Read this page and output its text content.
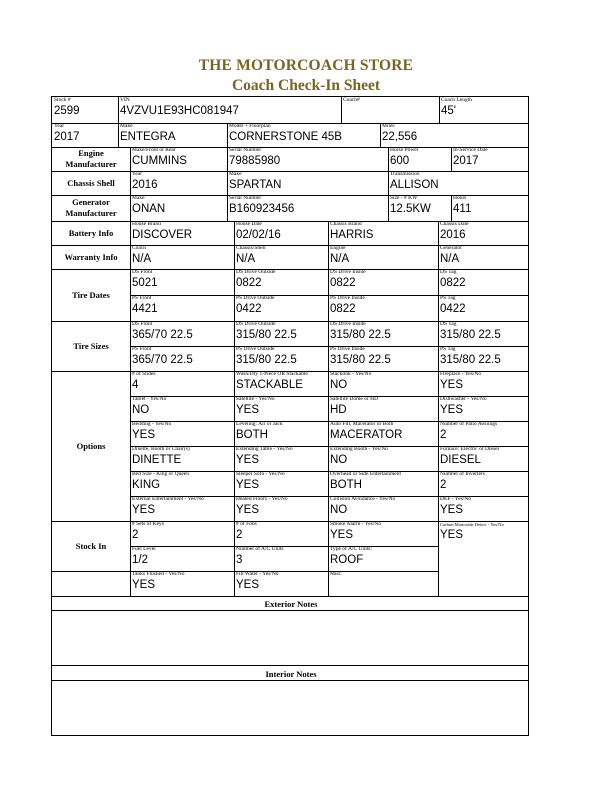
THE MOTORCOACH STORE
Coach Check-In Sheet
Stock #
2599
VIN
4VZVU1E93HC081947
Coach#	Coach Length
45'
Year
2017
Make
ENTEGRA
Model + Floorplan
CORNERSTONE 45B
Miles
22,556
Engine Manufacturer
Make/Front or Rear
CUMMINS
Serial Number
79885980
Horse Power
600
In-Service Date
2017
Chassis Shell
Year
2016
Make
SPARTAN
Transmission
ALLISON
Generator Manufacturer
Make
ONAN
Serial Number
B160923456
Size - # KW
12.5KW
Hours
411
Battery Info
House Brand
DISCOVER
House Date
02/02/16
Chassis Brand
HARRIS
Chassis Date
2016
Warranty Info
Coach
N/A
Chassis/Shell
N/A
Engine
N/A
Generator
N/A
Tire Dates
DS Front
5021
DS Drive Outside
0822
DS Drive Inside
0822
DS Tag
0822
PS Front
4421
PS Drive Outside
0422
PS Drive Inside
0822
PS Tag
0422
Tire Sizes
DS Front
365/70 22.5
DS Drive Outside
315/80 22.5
DS Drive Inside
315/80 22.5
DS Tag
315/80 22.5
PS Front
365/70 22.5
PS Drive Outside
315/80 22.5
PS Drive Inside
315/80 22.5
PS Tag
315/80 22.5
Options
# of Slides
4
Wash/Dry 1-Piece OR Stackable
STACKABLE
Stacklink - Yes/No
NO
Fireplace - Yes/No
YES
Tablet - Yes/No
NO
Satellite - Yes/No
YES
Satellite Dome or HD
HD
Dishwasher - Yes/No
YES
Bedding - Yes/No
YES
Leveling: Air or Jack
BOTH
Auto Fill, Macerator or Both
MACERATOR
Number of Patio Awnings
2
Dinette, Booth or Chair(s)
DINETTE
Extending Table - Yes/No
YES
Extending Booth - Yes/No
NO
Furnace: Electric or Diesel
DIESEL
Bed Size - King or Queen
KING
Sleeper Sofa - Yes/No
YES
Overhead or Side Entertainment
BOTH
Number of Inverters
2
External Entertainment - Yes/No
YES
Heated Floors - Yes/No
YES
Collision Avoidance - Yes/No
NO
DEF - Yes/No
YES
Stock In
# Sets of Keys
2
# of Fobs
2
Smoke Alarm - Yes/No
YES
Carbon Monoxide Detect - Yes/No
YES
Fuel Level
1/2
Number of A/C Units
3
Type of A/C Units:
ROOF
Tanks Flushed - Yes/No
YES
Fill Water - Yes/No
YES
Misc.
Exterior Notes
Interior Notes
